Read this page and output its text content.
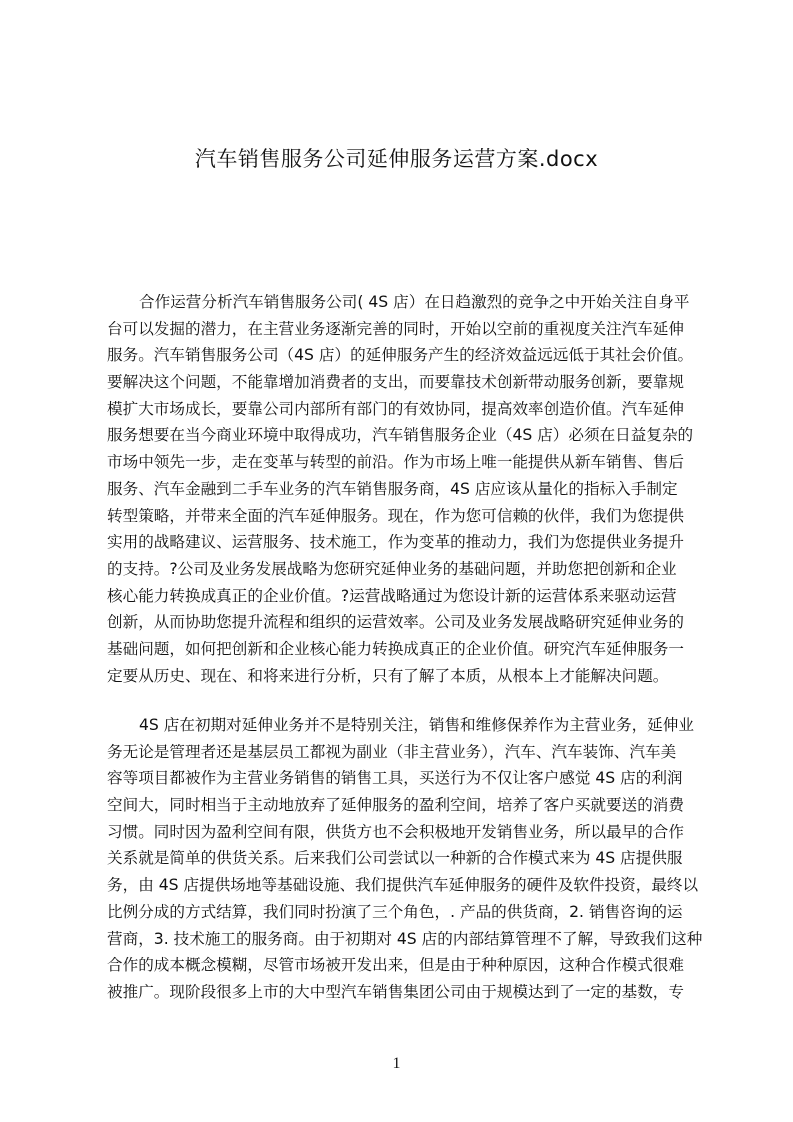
汽车销售服务公司延伸服务运营方案.docx
合作运营分析汽车销售服务公司( 4S 店）在日趋激烈的竞争之中开始关注自身平
台可以发掘的潜力，在主营业务逐渐完善的同时，开始以空前的重视度关注汽车延伸
服务。汽车销售服务公司（4S 店）的延伸服务产生的经济效益远远低于其社会价值。
要解决这个问题，不能靠增加消费者的支出，而要靠技术创新带动服务创新，要靠规
模扩大市场成长，要靠公司内部所有部门的有效协同，提高效率创造价值。汽车延伸
服务想要在当今商业环境中取得成功，汽车销售服务企业（4S 店）必须在日益复杂的
市场中领先一步，走在变革与转型的前沿。作为市场上唯一能提供从新车销售、售后
服务、汽车金融到二手车业务的汽车销售服务商，4S 店应该从量化的指标入手制定
转型策略，并带来全面的汽车延伸服务。现在，作为您可信赖的伙伴，我们为您提供
实用的战略建议、运营服务、技术施工，作为变革的推动力，我们为您提供业务提升
的支持。?公司及业务发展战略为您研究延伸业务的基础问题，并助您把创新和企业
核心能力转换成真正的企业价值。?运营战略通过为您设计新的运营体系来驱动运营
创新，从而协助您提升流程和组织的运营效率。公司及业务发展战略研究延伸业务的
基础问题，如何把创新和企业核心能力转换成真正的企业价值。研究汽车延伸服务一
定要从历史、现在、和将来进行分析，只有了解了本质，从根本上才能解决问题。
4S 店在初期对延伸业务并不是特别关注，销售和维修保养作为主营业务，延伸业
务无论是管理者还是基层员工都视为副业（非主营业务），汽车、汽车装饰、汽车美
容等项目都被作为主营业务销售的销售工具，买送行为不仅让客户感觉 4S 店的利润
空间大，同时相当于主动地放弃了延伸服务的盈利空间，培养了客户买就要送的消费
习惯。同时因为盈利空间有限，供货方也不会积极地开发销售业务，所以最早的合作
关系就是简单的供货关系。后来我们公司尝试以一种新的合作模式来为 4S 店提供服
务，由 4S 店提供场地等基础设施、我们提供汽车延伸服务的硬件及软件投资，最终以
比例分成的方式结算，我们同时扮演了三个角色，. 产品的供货商，2. 销售咨询的运
营商，3. 技术施工的服务商。由于初期对 4S 店的内部结算管理不了解，导致我们这种
合作的成本概念模糊，尽管市场被开发出来，但是由于种种原因，这种合作模式很难
被推广。现阶段很多上市的大中型汽车销售集团公司由于规模达到了一定的基数，专
1
